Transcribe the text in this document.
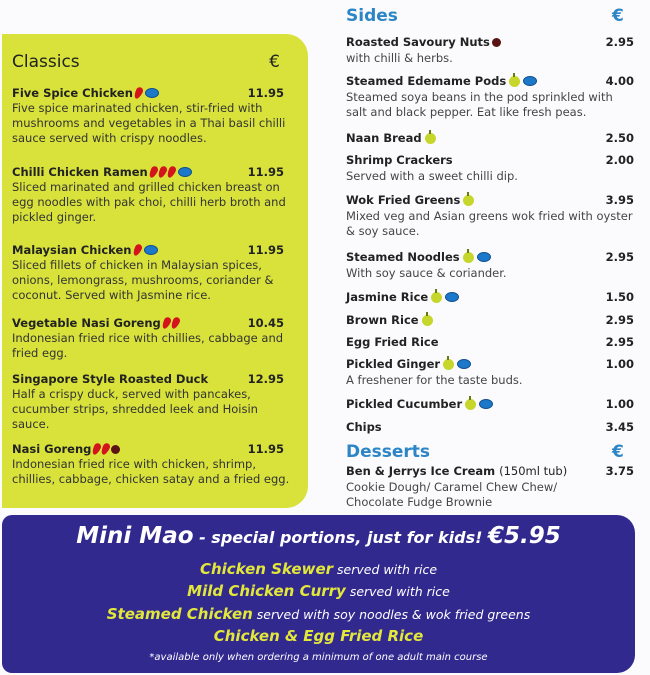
Classics	€
Five Spice Chicken	11.95
Five spice marinated chicken, stir-fried with mushrooms and vegetables in a Thai basil chilli sauce served with crispy noodles.
Chilli Chicken Ramen	11.95
Sliced marinated and grilled chicken breast on egg noodles with pak choi, chilli herb broth and pickled ginger.
Malaysian Chicken	11.95
Sliced fillets of chicken in Malaysian spices, onions, lemongrass, mushrooms, coriander & coconut. Served with Jasmine rice.
Vegetable Nasi Goreng	10.45
Indonesian fried rice with chillies, cabbage and fried egg.
Singapore Style Roasted Duck	12.95
Half a crispy duck, served with pancakes, cucumber strips, shredded leek and Hoisin sauce.
Nasi Goreng	11.95
Indonesian fried rice with chicken, shrimp, chillies, cabbage, chicken satay and a fried egg.
Sides	€
Roasted Savoury Nuts	2.95
with chilli & herbs.
Steamed Edemame Pods	4.00
Steamed soya beans in the pod sprinkled with salt and black pepper. Eat like fresh peas.
Naan Bread	2.50
Shrimp Crackers	2.00
Served with a sweet chilli dip.
Wok Fried Greens	3.95
Mixed veg and Asian greens wok fried with oyster & soy sauce.
Steamed Noodles	2.95
With soy sauce & coriander.
Jasmine Rice	1.50
Brown Rice	2.95
Egg Fried Rice	2.95
Pickled Ginger	1.00
A freshener for the taste buds.
Pickled Cucumber	1.00
Chips	3.45
Desserts	€
Ben & Jerrys Ice Cream
(150ml tub)	3.75
Cookie Dough/ Caramel Chew Chew/ Chocolate Fudge Brownie
Mini Mao - special portions, just for kids! €5.95
Chicken Skewer served with rice
Mild Chicken Curry served with rice
Steamed Chicken served with soy noodles & wok fried greens
Chicken & Egg Fried Rice
*available only when ordering a minimum of one adult main course
